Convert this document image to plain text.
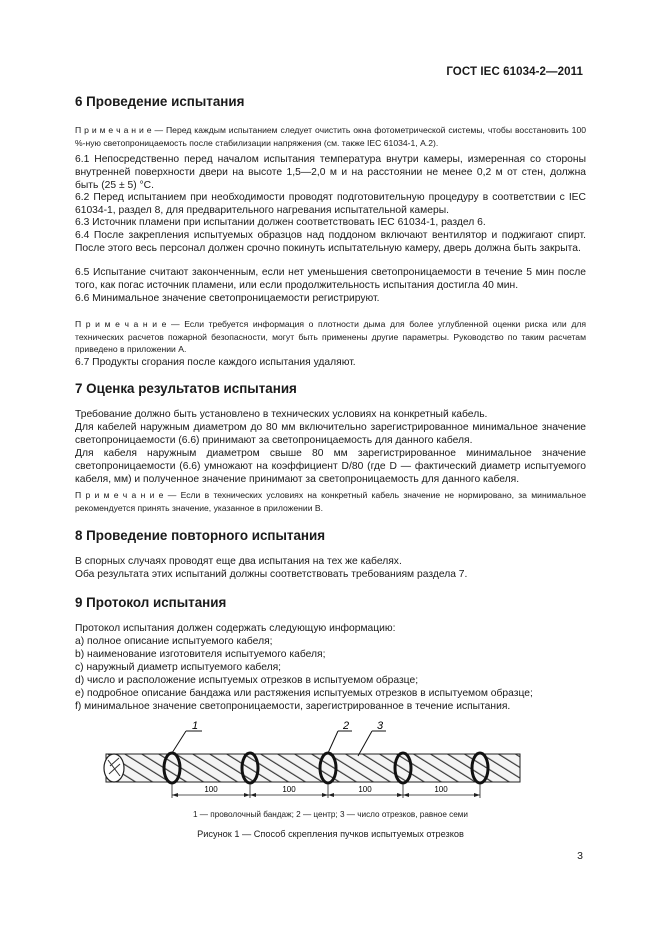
ГОСТ IEC 61034-2—2011
6 Проведение испытания
П р и м е ч а н и е — Перед каждым испытанием следует очистить окна фотометрической системы, чтобы восстановить 100 %-ную светопроницаемость после стабилизации напряжения (см. также IEC 61034-1, А.2).
6.1 Непосредственно перед началом испытания температура внутри камеры, измеренная со стороны внутренней поверхности двери на высоте 1,5—2,0 м и на расстоянии не менее 0,2 м от стен, должна быть (25 ± 5) °С.
6.2 Перед испытанием при необходимости проводят подготовительную процедуру в соответствии с IEC 61034-1, раздел 8, для предварительного нагревания испытательной камеры.
6.3 Источник пламени при испытании должен соответствовать IEC 61034-1, раздел 6.
6.4 После закрепления испытуемых образцов над поддоном включают вентилятор и поджигают спирт. После этого весь персонал должен срочно покинуть испытательную камеру, дверь должна быть закрыта.
6.5 Испытание считают законченным, если нет уменьшения светопроницаемости в течение 5 мин после того, как погас источник пламени, или если продолжительность испытания достигла 40 мин.
6.6 Минимальное значение светопроницаемости регистрируют.
П р и м е ч а н и е — Если требуется информация о плотности дыма для более углубленной оценки риска или для технических расчетов пожарной безопасности, могут быть применены другие параметры. Руководство по таким расчетам приведено в приложении А.
6.7 Продукты сгорания после каждого испытания удаляют.
7 Оценка результатов испытания
Требование должно быть установлено в технических условиях на конкретный кабель.
Для кабелей наружным диаметром до 80 мм включительно зарегистрированное минимальное значение светопроницаемости (6.6) принимают за светопроницаемость для данного кабеля.
Для кабеля наружным диаметром свыше 80 мм зарегистрированное минимальное значение светопроницаемости (6.6) умножают на коэффициент D/80 (где D — фактический диаметр испытуемого кабеля, мм) и полученное значение принимают за светопроницаемость для данного кабеля.
П р и м е ч а н и е — Если в технических условиях на конкретный кабель значение не нормировано, за минимальное рекомендуется принять значение, указанное в приложении В.
8 Проведение повторного испытания
В спорных случаях проводят еще два испытания на тех же кабелях.
Оба результата этих испытаний должны соответствовать требованиям раздела 7.
9 Протокол испытания
Протокол испытания должен содержать следующую информацию:
a) полное описание испытуемого кабеля;
b) наименование изготовителя испытуемого кабеля;
c) наружный диаметр испытуемого кабеля;
d) число и расположение испытуемых отрезков в испытуемом образце;
e) подробное описание бандажа или растяжения испытуемых отрезков в испытуемом образце;
f) минимальное значение светопроницаемости, зарегистрированное в течение испытания.
1	2	3
100	100	100	100
1 — проволочный бандаж; 2 — центр; 3 — число отрезков, равное семи
Рисунок 1 — Способ скрепления пучков испытуемых отрезков
3
